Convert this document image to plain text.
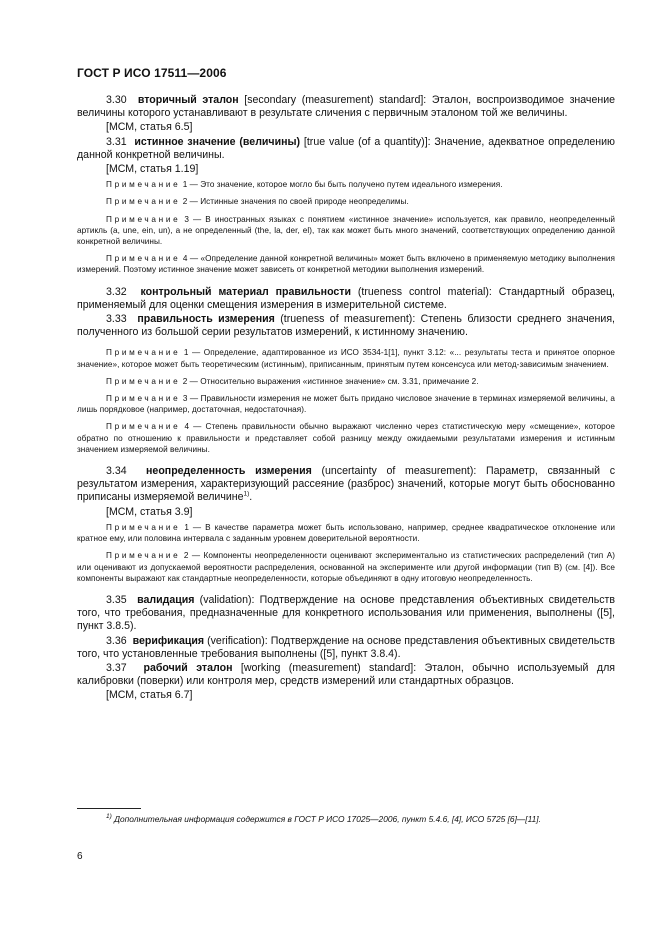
ГОСТ Р ИСО 17511—2006

3.30 вторичный эталон [secondary (measurement) standard]: Эталон, воспроизводимое значение величины которого устанавливают в результате сличения с первичным эталоном той же величины.

[МСМ, статья 6.5]

3.31 истинное значение (величины) [true value (of a quantity)]: Значение, адекватное определению данной конкретной величины.

[МСМ, статья 1.19]

Примечание 1 — Это значение, которое могло бы быть получено путем идеального измерения.

Примечание 2 — Истинные значения по своей природе неопределимы.

Примечание 3 — В иностранных языках с понятием «истинное значение» используется, как правило, неопределенный артикль (a, une, ein, un), а не определенный (the, la, der, el), так как может быть много значений, соответствующих определению данной конкретной величины.

Примечание 4 — «Определение данной конкретной величины» может быть включено в применяемую методику выполнения измерений. Поэтому истинное значение может зависеть от конкретной методики выполнения измерений.

3.32 контрольный материал правильности (trueness control material): Стандартный образец, применяемый для оценки смещения измерения в измерительной системе.

3.33 правильность измерения (trueness of measurement): Степень близости среднего значения, полученного из большой серии результатов измерений, к истинному значению.

Примечание 1 — Определение, адаптированное из ИСО 3534-1[1], пункт 3.12: «... результаты теста и принятое опорное значение», которое может быть теоретическим (истинным), приписанным, принятым путем консенсуса или метод-зависимым значением.

Примечание 2 — Относительно выражения «истинное значение» см. 3.31, примечание 2.

Примечание 3 — Правильности измерения не может быть придано числовое значение в терминах измеряемой величины, а лишь порядковое (например, достаточная, недостаточная).

Примечание 4 — Степень правильности обычно выражают численно через статистическую меру «смещение», которое обратно по отношению к правильности и представляет собой разницу между ожидаемыми результатами измерения и истинным значением измеряемой величины.

3.34 неопределенность измерения (uncertainty of measurement): Параметр, связанный с результатом измерения, характеризующий рассеяние (разброс) значений, которые могут быть обоснованно приписаны измеряемой величине$^{1)}$.

[МСМ, статья 3.9]

Примечание 1 — В качестве параметра может быть использовано, например, среднее квадратическое отклонение или кратное ему, или половина интервала с заданным уровнем доверительной вероятности.

Примечание 2 — Компоненты неопределенности оценивают экспериментально из статистических распределений (тип А) или оценивают из допускаемой вероятности распределения, основанной на эксперименте или другой информации (тип В) (см. [4]). Все компоненты выражают как стандартные неопределенности, которые объединяют в одну итоговую неопределенность.

3.35 валидация (validation): Подтверждение на основе представления объективных свидетельств того, что требования, предназначенные для конкретного использования или применения, выполнены ([5], пункт 3.8.5).

3.36 верификация (verification): Подтверждение на основе представления объективных свидетельств того, что установленные требования выполнены ([5], пункт 3.8.4).

3.37 рабочий эталон [working (measurement) standard]: Эталон, обычно используемый для калибровки (поверки) или контроля мер, средств измерений или стандартных образцов.

[МСМ, статья 6.7]

$^{1)}$ Дополнительная информация содержится в ГОСТ Р ИСО 17025—2006, пункт 5.4.6, [4], ИСО 5725 [6]—[11].
6
